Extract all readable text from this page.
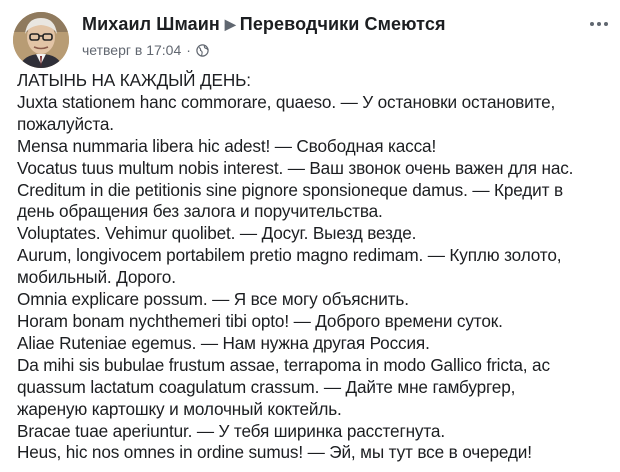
Михаил Шмаин ▶ Переводчики Смеются
четверг в 17:04 ·

ЛАТЫНЬ НА КАЖДЫЙ ДЕНЬ:

Juxta stationem hanc commorare, quaeso. — У остановки остановите,

пожалуйста.

Mensa nummaria libera hic adest! — Свободная касса!

Vocatus tuus multum nobis interest. — Ваш звонок очень важен для нас.

Creditum in die petitionis sine pignore sponsioneque damus. — Кредит в

день обращения без залога и поручительства.

Voluptates. Vehimur quolibet. — Досуг. Выезд везде.

Aurum, longivocem portabilem pretio magno redimam. — Куплю золото,

мобильный. Дорого.

Omnia explicare possum. — Я все могу объяснить.

Horam bonam nychthemeri tibi opto! — Доброго времени суток.

Aliae Ruteniae egemus. — Нам нужна другая Россия.

Da mihi sis bubulae frustum assae, terrapoma in modo Gallico fricta, ac

quassum lactatum coagulatum crassum. — Дайте мне гамбургер,

жареную картошку и молочный коктейль.

Bracae tuae aperiuntur. — У тебя ширинка расстегнута.

Heus, hic nos omnes in ordine sumus! — Эй, мы тут все в очереди!
